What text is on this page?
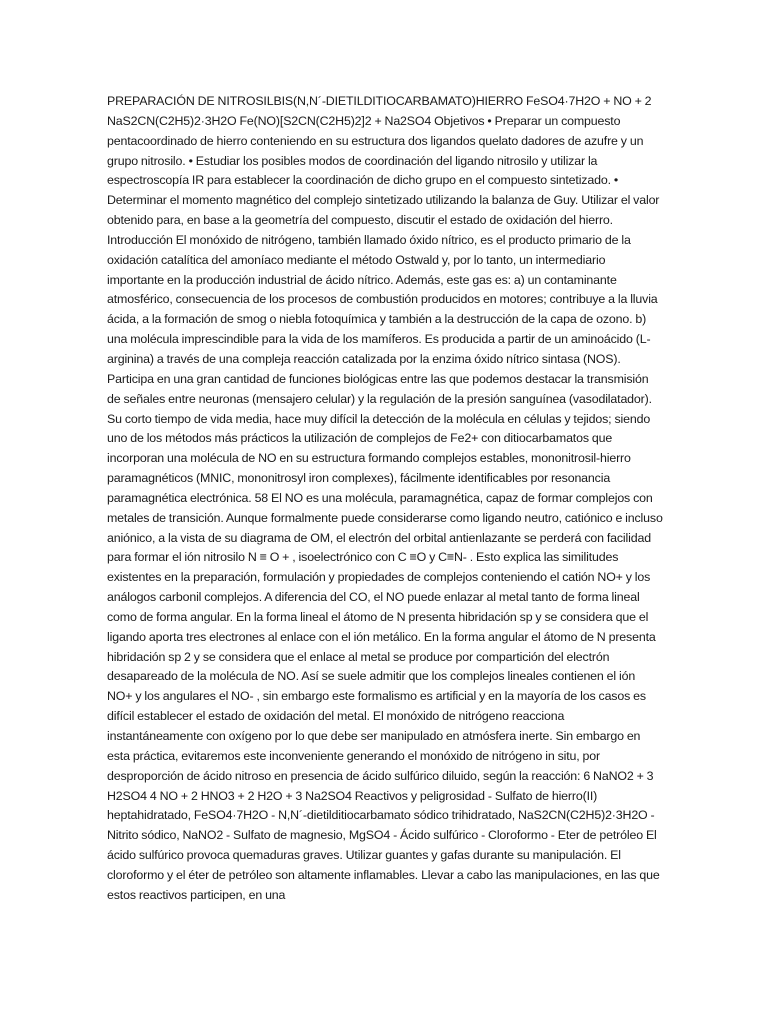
PREPARACIÓN DE NITROSILBIS(N,N´-DIETILDITIOCARBAMATO)HIERRO FeSO4·7H2O + NO + 2 NaS2CN(C2H5)2·3H2O Fe(NO)[S2CN(C2H5)2]2 + Na2SO4 Objetivos • Preparar un compuesto pentacoordinado de hierro conteniendo en su estructura dos ligandos quelato dadores de azufre y un grupo nitrosilo. • Estudiar los posibles modos de coordinación del ligando nitrosilo y utilizar la espectroscopía IR para establecer la coordinación de dicho grupo en el compuesto sintetizado. • Determinar el momento magnético del complejo sintetizado utilizando la balanza de Guy. Utilizar el valor obtenido para, en base a la geometría del compuesto, discutir el estado de oxidación del hierro. Introducción El monóxido de nitrógeno, también llamado óxido nítrico, es el producto primario de la oxidación catalítica del amoníaco mediante el método Ostwald y, por lo tanto, un intermediario importante en la producción industrial de ácido nítrico. Además, este gas es: a) un contaminante atmosférico, consecuencia de los procesos de combustión producidos en motores; contribuye a la lluvia ácida, a la formación de smog o niebla fotoquímica y también a la destrucción de la capa de ozono. b) una molécula imprescindible para la vida de los mamíferos. Es producida a partir de un aminoácido (L-arginina) a través de una compleja reacción catalizada por la enzima óxido nítrico sintasa (NOS). Participa en una gran cantidad de funciones biológicas entre las que podemos destacar la transmisión de señales entre neuronas (mensajero celular) y la regulación de la presión sanguínea (vasodilatador). Su corto tiempo de vida media, hace muy difícil la detección de la molécula en células y tejidos; siendo uno de los métodos más prácticos la utilización de complejos de Fe2+ con ditiocarbamatos que incorporan una molécula de NO en su estructura formando complejos estables, mononitrosil-hierro paramagnéticos (MNIC, mononitrosyl iron complexes), fácilmente identificables por resonancia paramagnética electrónica. 58 El NO es una molécula, paramagnética, capaz de formar complejos con metales de transición. Aunque formalmente puede considerarse como ligando neutro, catiónico e incluso aniónico, a la vista de su diagrama de OM, el electrón del orbital antienlazante se perderá con facilidad para formar el ión nitrosilo N ≡ O + , isoelectrónico con C ≡O y C≡N- . Esto explica las similitudes existentes en la preparación, formulación y propiedades de complejos conteniendo el catión NO+ y los análogos carbonil complejos. A diferencia del CO, el NO puede enlazar al metal tanto de forma lineal como de forma angular. En la forma lineal el átomo de N presenta hibridación sp y se considera que el ligando aporta tres electrones al enlace con el ión metálico. En la forma angular el átomo de N presenta hibridación sp 2 y se considera que el enlace al metal se produce por compartición del electrón desapareado de la molécula de NO. Así se suele admitir que los complejos lineales contienen el ión NO+ y los angulares el NO- , sin embargo este formalismo es artificial y en la mayoría de los casos es difícil establecer el estado de oxidación del metal. El monóxido de nitrógeno reacciona instantáneamente con oxígeno por lo que debe ser manipulado en atmósfera inerte. Sin embargo en esta práctica, evitaremos este inconveniente generando el monóxido de nitrógeno in situ, por desproporción de ácido nitroso en presencia de ácido sulfúrico diluido, según la reacción: 6 NaNO2 + 3 H2SO4 4 NO + 2 HNO3 + 2 H2O + 3 Na2SO4 Reactivos y peligrosidad - Sulfato de hierro(II) heptahidratado, FeSO4·7H2O - N,N´-dietilditiocarbamato sódico trihidratado, NaS2CN(C2H5)2·3H2O - Nitrito sódico, NaNO2 - Sulfato de magnesio, MgSO4 - Ácido sulfúrico - Cloroformo - Eter de petróleo El ácido sulfúrico provoca quemaduras graves. Utilizar guantes y gafas durante su manipulación. El cloroformo y el éter de petróleo son altamente inflamables. Llevar a cabo las manipulaciones, en las que estos reactivos participen, en una
